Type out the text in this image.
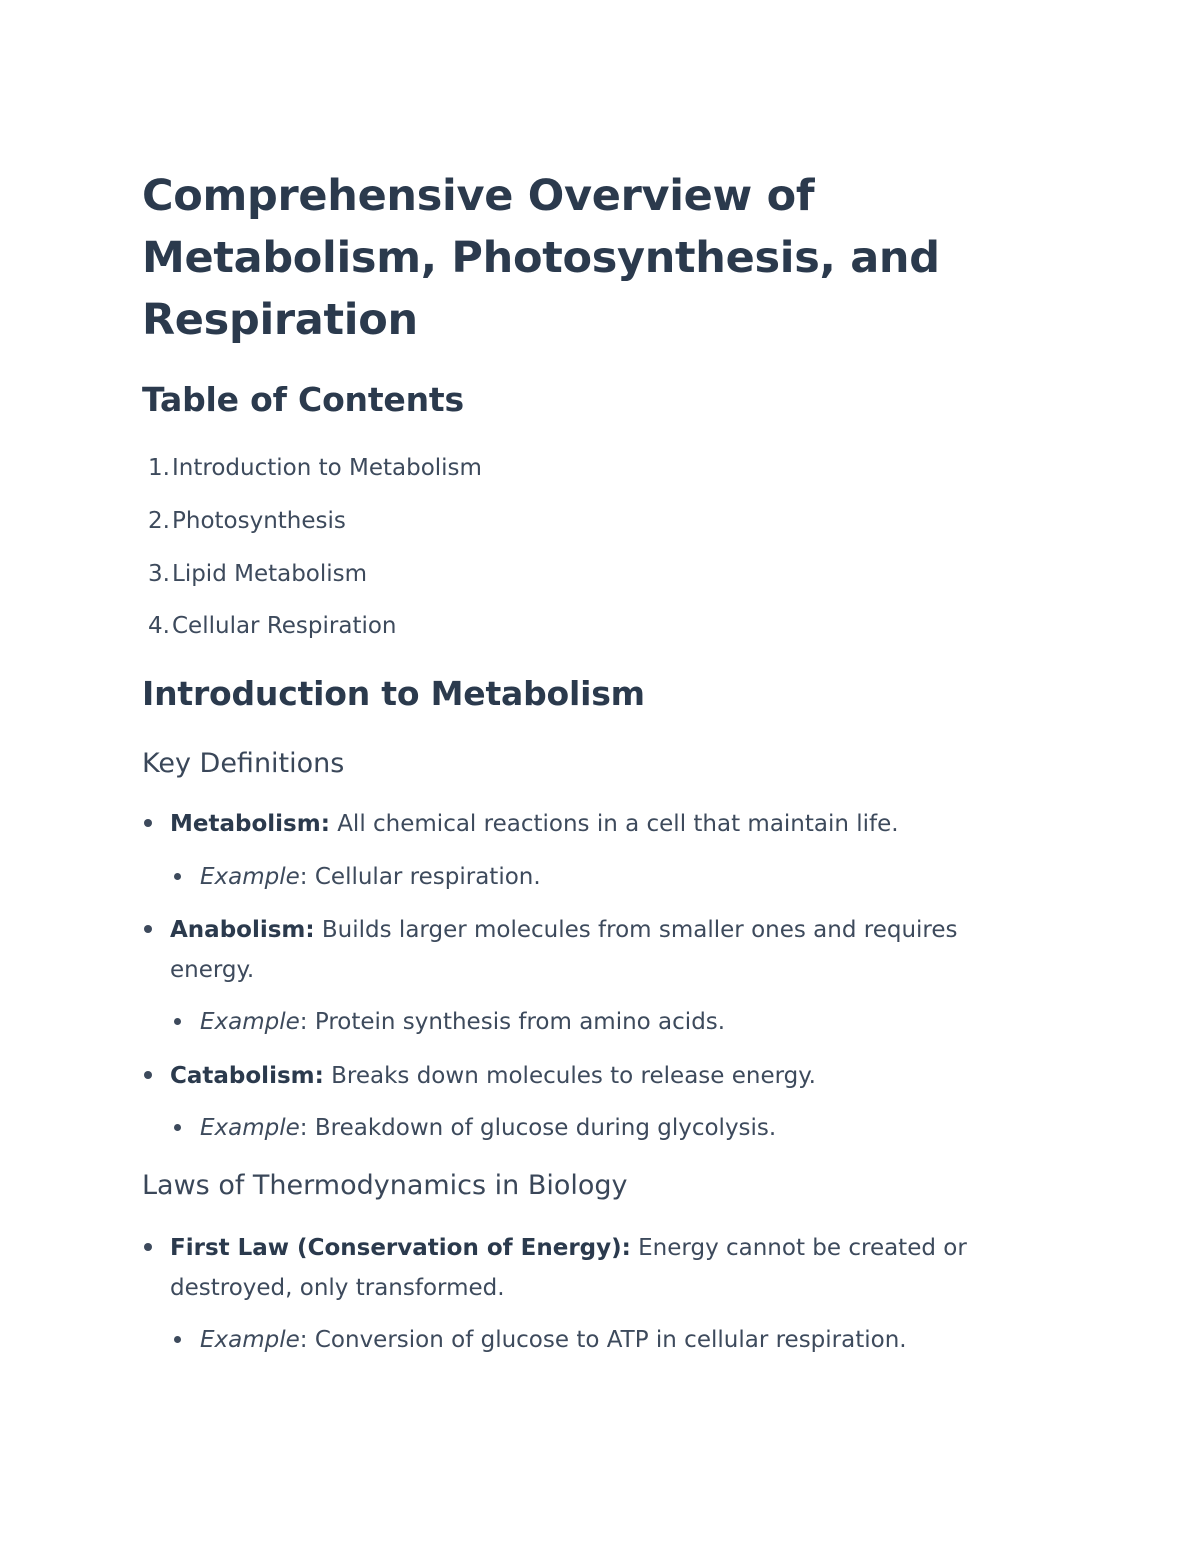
Comprehensive Overview of Metabolism, Photosynthesis, and Respiration
Table of Contents
1.Introduction to Metabolism
2.Photosynthesis
3.Lipid Metabolism
4.Cellular Respiration
Introduction to Metabolism
Key Definitions
Metabolism: All chemical reactions in a cell that maintain life.
Example: Cellular respiration.
Anabolism: Builds larger molecules from smaller ones and requires energy.
Example: Protein synthesis from amino acids.
Catabolism: Breaks down molecules to release energy.
Example: Breakdown of glucose during glycolysis.
Laws of Thermodynamics in Biology
First Law (Conservation of Energy): Energy cannot be created or destroyed, only transformed.
Example: Conversion of glucose to ATP in cellular respiration.
